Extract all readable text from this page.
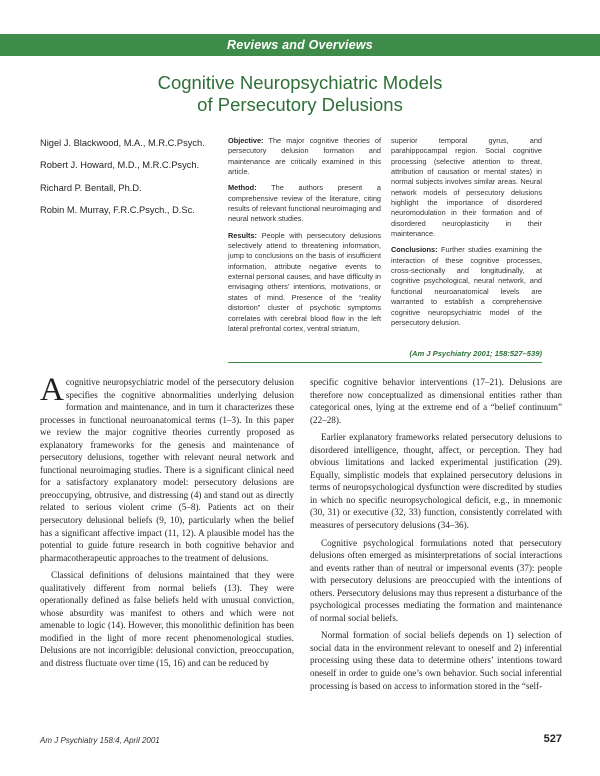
Reviews and Overviews
Cognitive Neuropsychiatric Models
of Persecutory Delusions
Nigel J. Blackwood, M.A., M.R.C.Psych.
Robert J. Howard, M.D., M.R.C.Psych.
Richard P. Bentall, Ph.D.
Robin M. Murray, F.R.C.Psych., D.Sc.

Objective: The major cognitive theories of persecutory delusion formation and maintenance are critically examined in this article.

Method: The authors present a comprehensive review of the literature, citing results of relevant functional neuroimaging and neural network studies.

Results: People with persecutory delusions selectively attend to threatening information, jump to conclusions on the basis of insufficient information, attribute negative events to external personal causes, and have difficulty in envisaging others’ intentions, motivations, or states of mind. Presence of the “reality distortion” cluster of psychotic symptoms correlates with cerebral blood flow in the left lateral prefrontal cortex, ventral striatum,

superior temporal gyrus, and parahippocampal region. Social cognitive processing (selective attention to threat, attribution of causation or mental states) in normal subjects involves similar areas. Neural network models of persecutory delusions highlight the importance of disordered neuromodulation in their formation and of disordered neuroplasticity in their maintenance.

Conclusions: Further studies examining the interaction of these cognitive processes, cross-sectionally and longitudinally, at cognitive psychological, neural network, and functional neuroanatomical levels are warranted to establish a comprehensive cognitive neuropsychiatric model of the persecutory delusion.

(Am J Psychiatry 2001; 158:527–539)

A cognitive neuropsychiatric model of the persecutory delusion specifies the cognitive abnormalities underlying delusion formation and maintenance, and in turn it characterizes these processes in functional neuroanatomical terms (1–3). In this paper we review the major cognitive theories currently proposed as explanatory frameworks for the genesis and maintenance of persecutory delusions, together with relevant neural network and functional neuroimaging studies. There is a significant clinical need for a satisfactory explanatory model: persecutory delusions are preoccupying, obtrusive, and distressing (4) and stand out as directly related to serious violent crime (5–8). Patients act on their persecutory delusional beliefs (9, 10), particularly when the belief has a significant affective impact (11, 12). A plausible model has the potential to guide future research in both cognitive behavior and pharmacotherapeutic approaches to the treatment of delusions.

Classical definitions of delusions maintained that they were qualitatively different from normal beliefs (13). They were operationally defined as false beliefs held with unusual conviction, whose absurdity was manifest to others and which were not amenable to logic (14). However, this monolithic definition has been modified in the light of more recent phenomenological studies. Delusions are not incorrigible: delusional conviction, preoccupation, and distress fluctuate over time (15, 16) and can be reduced by

specific cognitive behavior interventions (17–21). Delusions are therefore now conceptualized as dimensional entities rather than categorical ones, lying at the extreme end of a “belief continuum” (22–28).

Earlier explanatory frameworks related persecutory delusions to disordered intelligence, thought, affect, or perception. They had obvious limitations and lacked experimental justification (29). Equally, simplistic models that explained persecutory delusions in terms of neuropsychological dysfunction were discredited by studies in which no specific neuropsychological deficit, e.g., in mnemonic (30, 31) or executive (32, 33) function, consistently correlated with measures of persecutory delusions (34–36).

Cognitive psychological formulations noted that persecutory delusions often emerged as misinterpretations of social interactions and events rather than of neutral or impersonal events (37): people with persecutory delusions are preoccupied with the intentions of others. Persecutory delusions may thus represent a disturbance of the psychological processes mediating the formation and maintenance of normal social beliefs.

Normal formation of social beliefs depends on 1) selection of social data in the environment relevant to oneself and 2) inferential processing using these data to determine others’ intentions toward oneself in order to guide one’s own behavior. Such social inferential processing is based on access to information stored in the “self-

Am J Psychiatry 158:4, April 2001	527
